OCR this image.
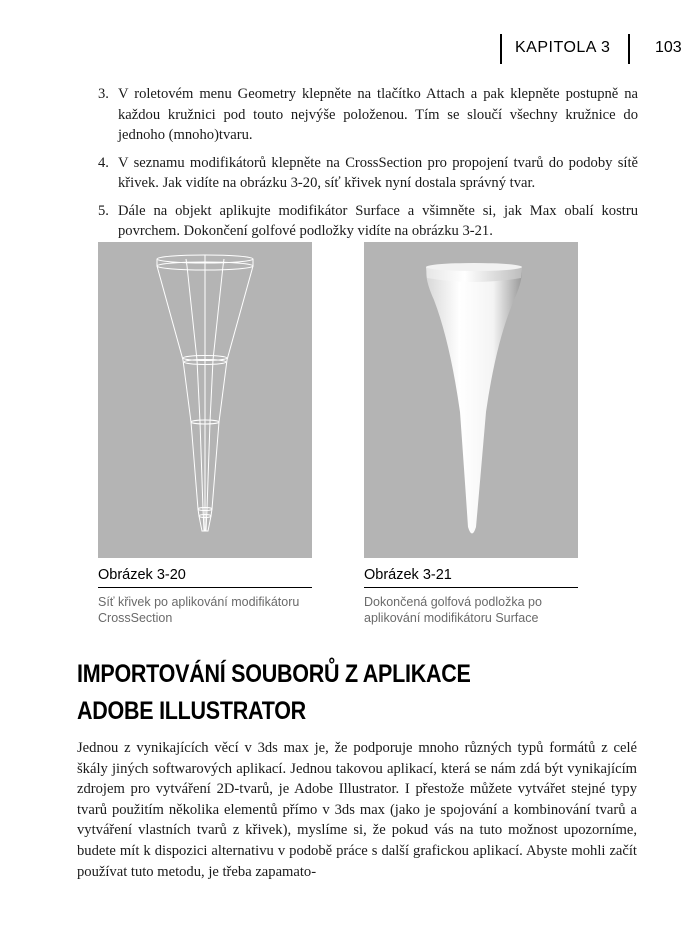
KAPITOLA 3	103
3. V roletovém menu Geometry klepněte na tlačítko Attach a pak klepněte postupně na každou kružnici pod touto nejvýše položenou. Tím se sloučí všechny kružnice do jednoho (mnoho)tvaru.
4. V seznamu modifikátorů klepněte na CrossSection pro propojení tvarů do podoby sítě křivek. Jak vidíte na obrázku 3-20, síť křivek nyní dostala správný tvar.
5. Dále na objekt aplikujte modifikátor Surface a všimněte si, jak Max obalí kostru povrchem. Dokončení golfové podložky vidíte na obrázku 3-21.
Obrázek 3-20
Síť křivek po aplikování modifikátoru CrossSection
Obrázek 3-21
Dokončená golfová podložka po aplikování modifikátoru Surface
IMPORTOVÁNÍ SOUBORŮ Z APLIKACE
ADOBE ILLUSTRATOR
Jednou z vynikajících věcí v 3ds max je, že podporuje mnoho různých typů formátů z celé škály jiných softwarových aplikací. Jednou takovou aplikací, která se nám zdá být vynikajícím zdrojem pro vytváření 2D-tvarů, je Adobe Illustrator. I přestože můžete vytvářet stejné typy tvarů použitím několika elementů přímo v 3ds max (jako je spojování a kombinování tvarů a vytváření vlastních tvarů z křivek), myslíme si, že pokud vás na tuto možnost upozorníme, budete mít k dispozici alternativu v podobě práce s další grafickou aplikací. Abyste mohli začít používat tuto metodu, je třeba zapamato-
